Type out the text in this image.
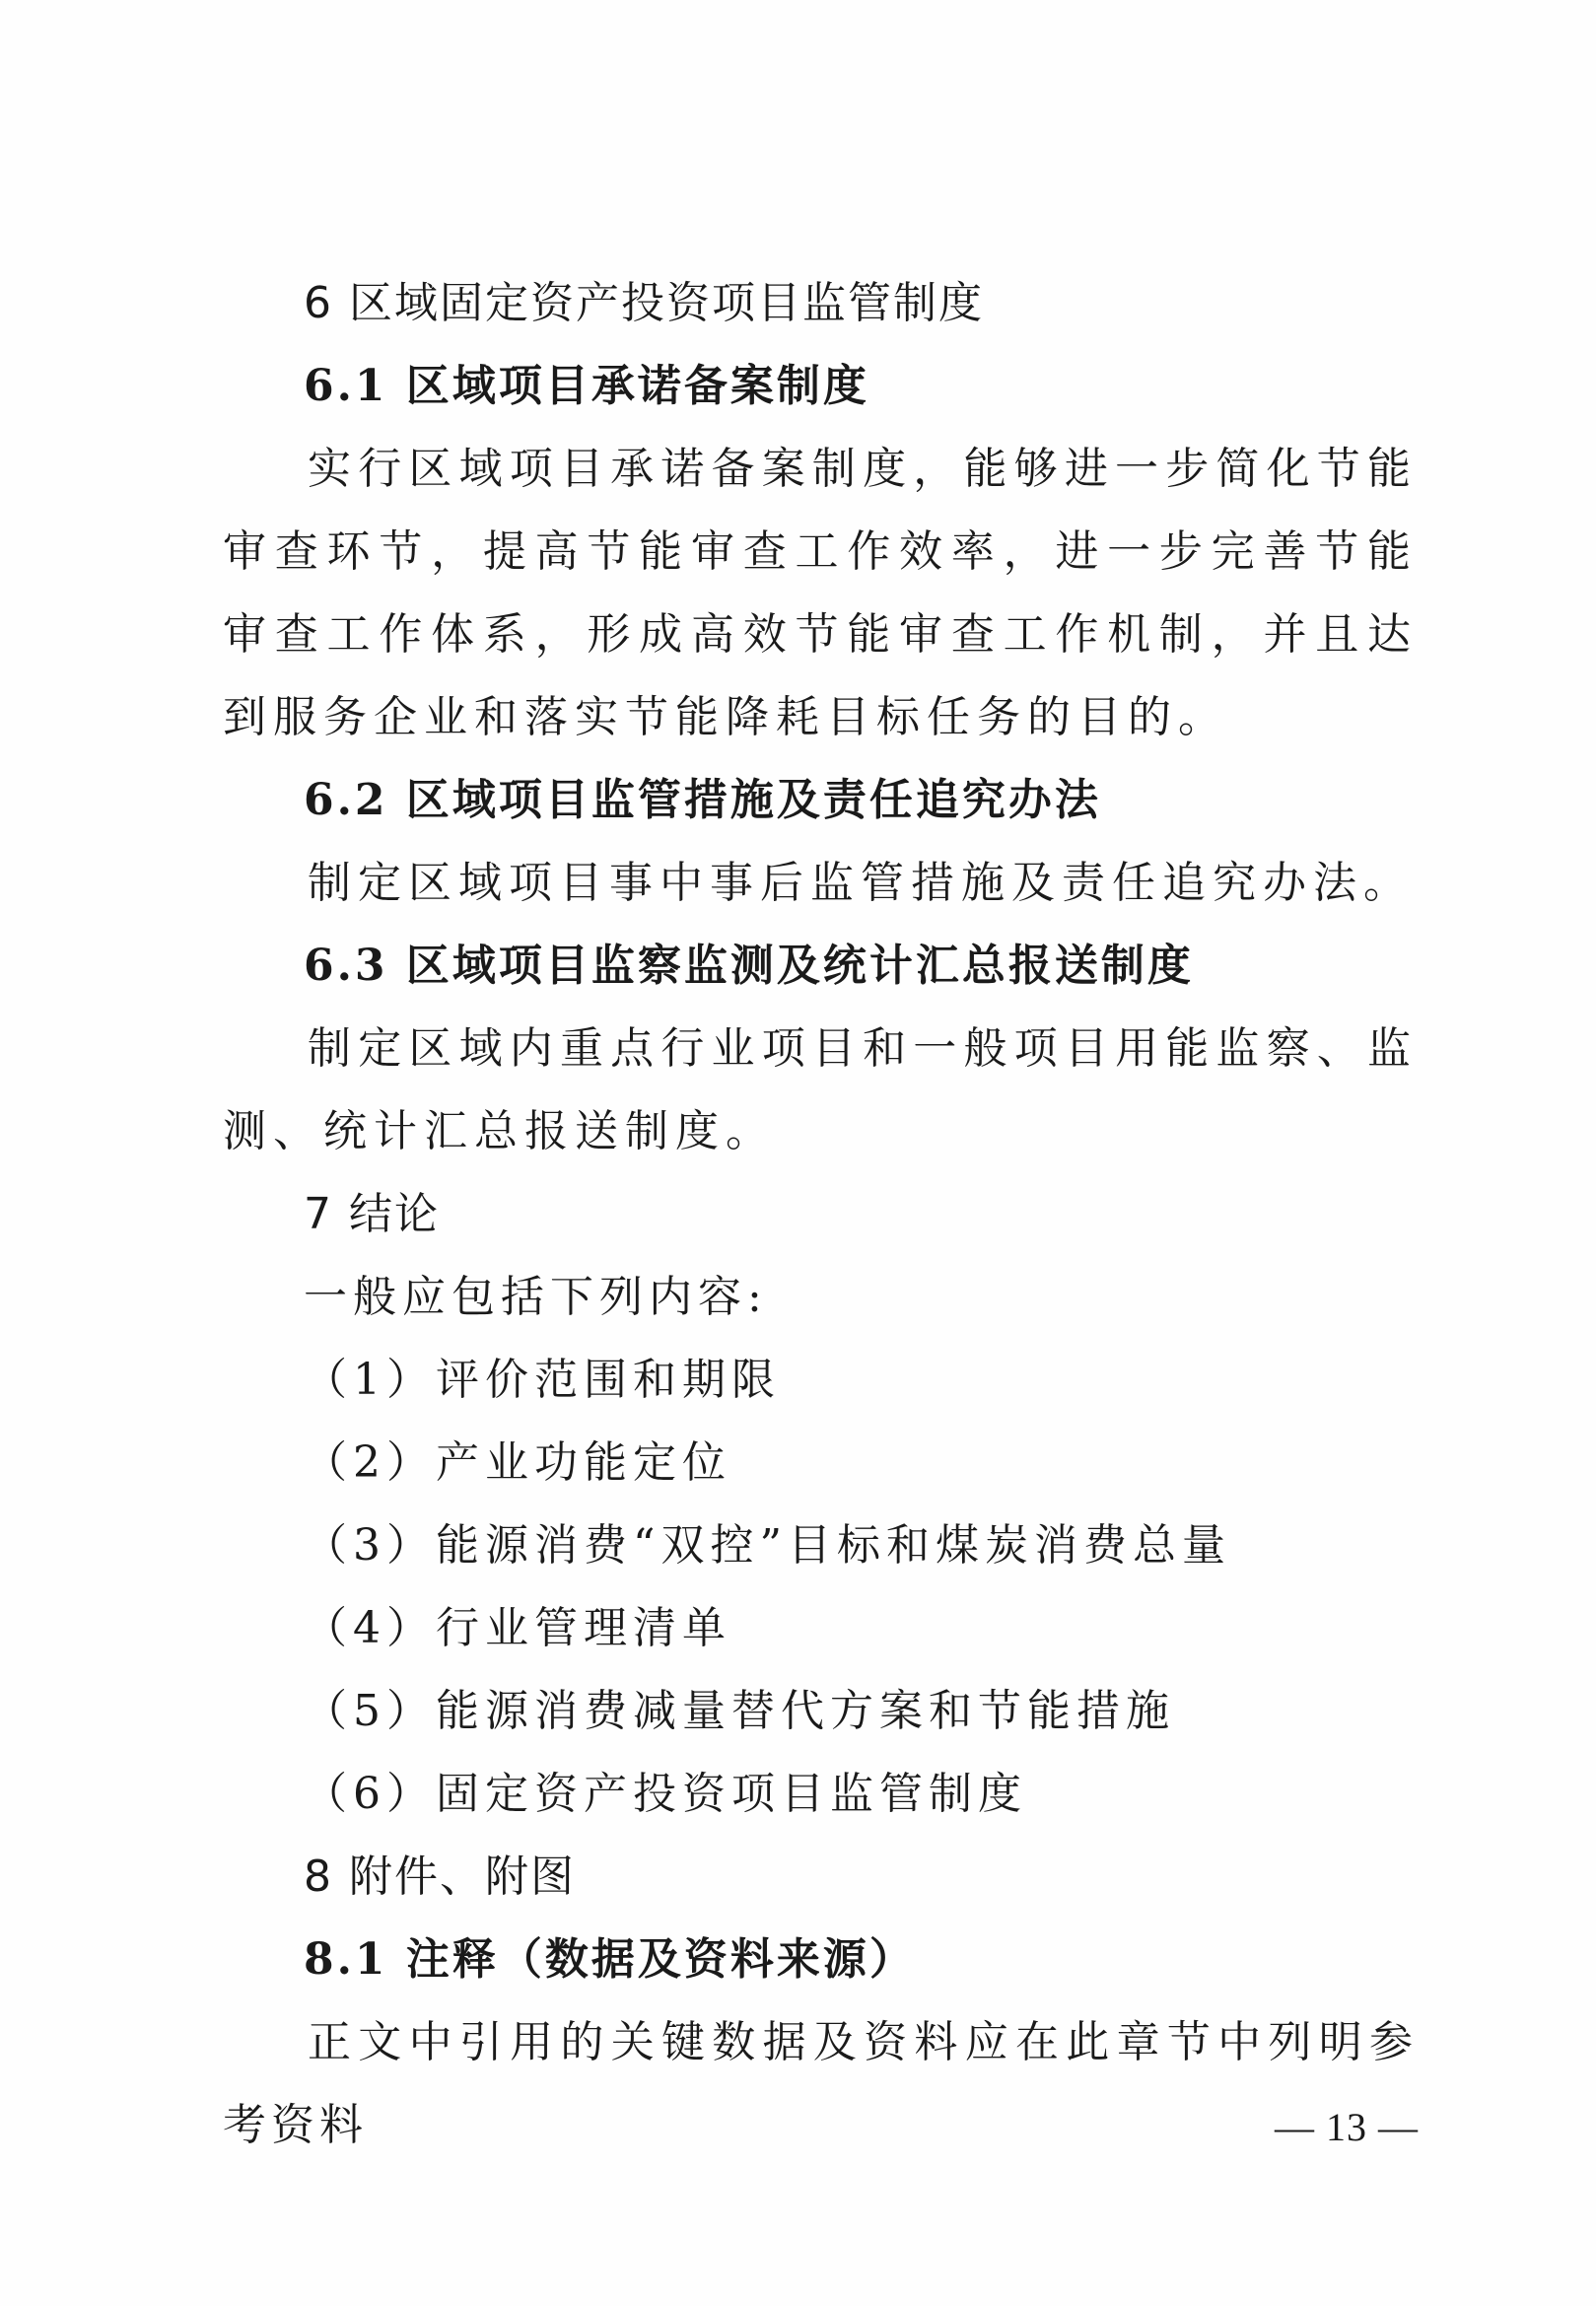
6 区域固定资产投资项目监管制度

6.1 区域项目承诺备案制度

实行区域项目承诺备案制度，能够进一步简化节能审查环节，提高节能审查工作效率，进一步完善节能审查工作体系，形成高效节能审查工作机制，并且达到服务企业和落实节能降耗目标任务的目的。

6.2 区域项目监管措施及责任追究办法

制定区域项目事中事后监管措施及责任追究办法。

6.3 区域项目监察监测及统计汇总报送制度

制定区域内重点行业项目和一般项目用能监察、监测、统计汇总报送制度。

7 结论

一般应包括下列内容:

（1）评价范围和期限

（2）产业功能定位

（3）能源消费“双控”目标和煤炭消费总量

（4）行业管理清单

（5）能源消费减量替代方案和节能措施

（6）固定资产投资项目监管制度

8 附件、附图

8.1 注释（数据及资料来源）

正文中引用的关键数据及资料应在此章节中列明参考资料	— 13 —
